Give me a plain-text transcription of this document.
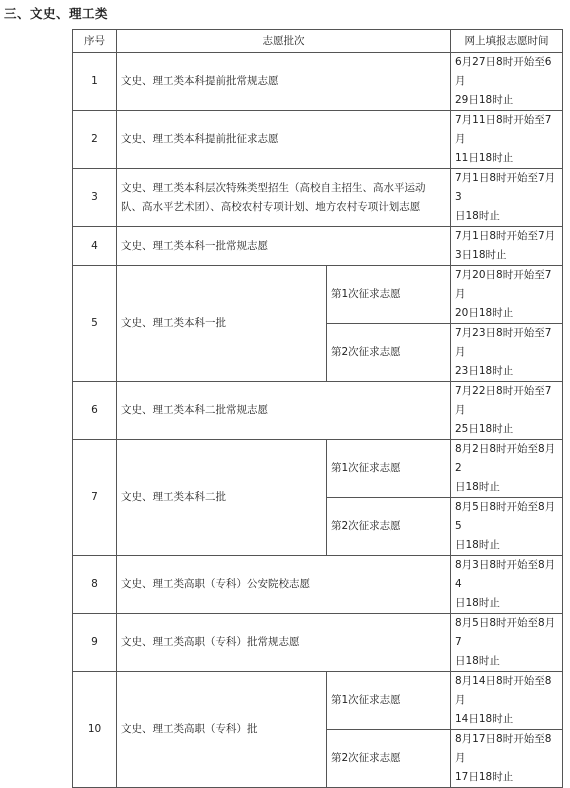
三、文史、理工类
序号	志愿批次		网上填报志愿时间
1	文史、理工类本科提前批常规志愿		6月27日8时开始至6月
29日18时止
2	文史、理工类本科提前批征求志愿		7月11日8时开始至7月
11日18时止
3	文史、理工类本科层次特殊类型招生（高校自主招生、高水平运动
队、高水平艺术团）、高校农村专项计划、地方农村专项计划志愿		7月1日8时开始至7月3
日18时止
4	文史、理工类本科一批常规志愿		7月1日8时开始至7月
3日18时止
5	文史、理工类本科一批	第1次征求志愿	7月20日8时开始至7月
20日18时止
		第2次征求志愿	7月23日8时开始至7月
23日18时止
6	文史、理工类本科二批常规志愿		7月22日8时开始至7月
25日18时止
7	文史、理工类本科二批	第1次征求志愿	8月2日8时开始至8月2
日18时止
		第2次征求志愿	8月5日8时开始至8月5
日18时止
8	文史、理工类高职（专科）公安院校志愿		8月3日8时开始至8月4
日18时止
9	文史、理工类高职（专科）批常规志愿		8月5日8时开始至8月7
日18时止
10	文史、理工类高职（专科）批	第1次征求志愿	8月14日8时开始至8月
14日18时止
		第2次征求志愿	8月17日8时开始至8月
17日18时止
